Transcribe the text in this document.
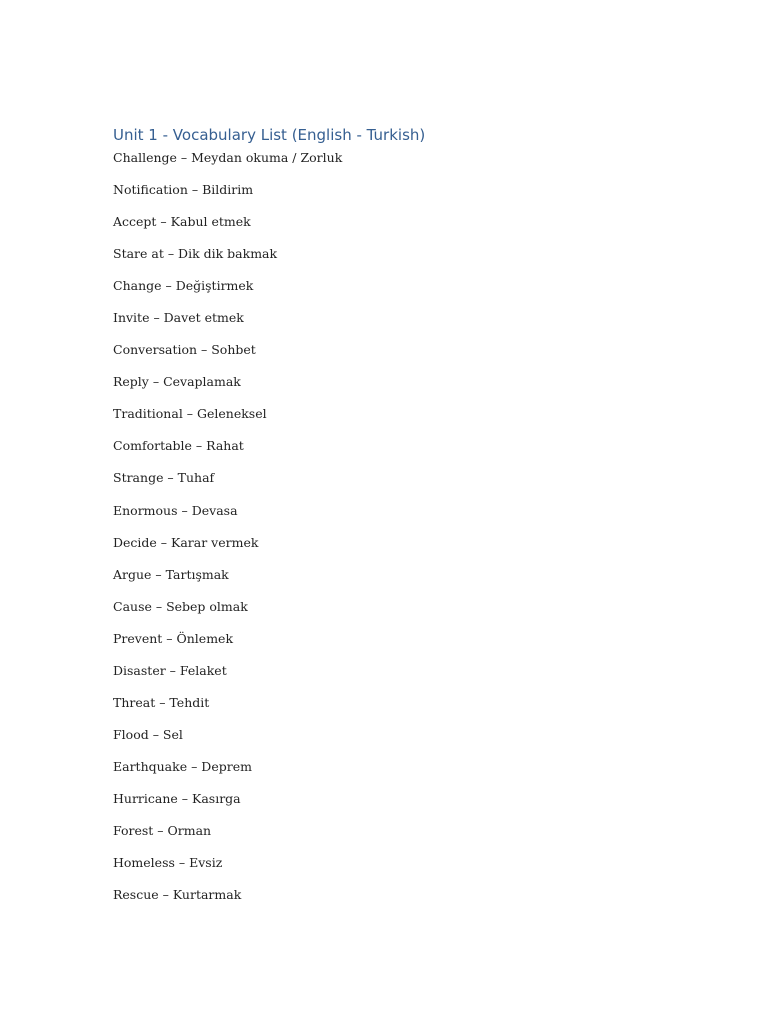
Unit 1 - Vocabulary List (English - Turkish)
Challenge – Meydan okuma / Zorluk
Notification – Bildirim
Accept – Kabul etmek
Stare at – Dik dik bakmak
Change – Değiştirmek
Invite – Davet etmek
Conversation – Sohbet
Reply – Cevaplamak
Traditional – Geleneksel
Comfortable – Rahat
Strange – Tuhaf
Enormous – Devasa
Decide – Karar vermek
Argue – Tartışmak
Cause – Sebep olmak
Prevent – Önlemek
Disaster – Felaket
Threat – Tehdit
Flood – Sel
Earthquake – Deprem
Hurricane – Kasırga
Forest – Orman
Homeless – Evsiz
Rescue – Kurtarmak
